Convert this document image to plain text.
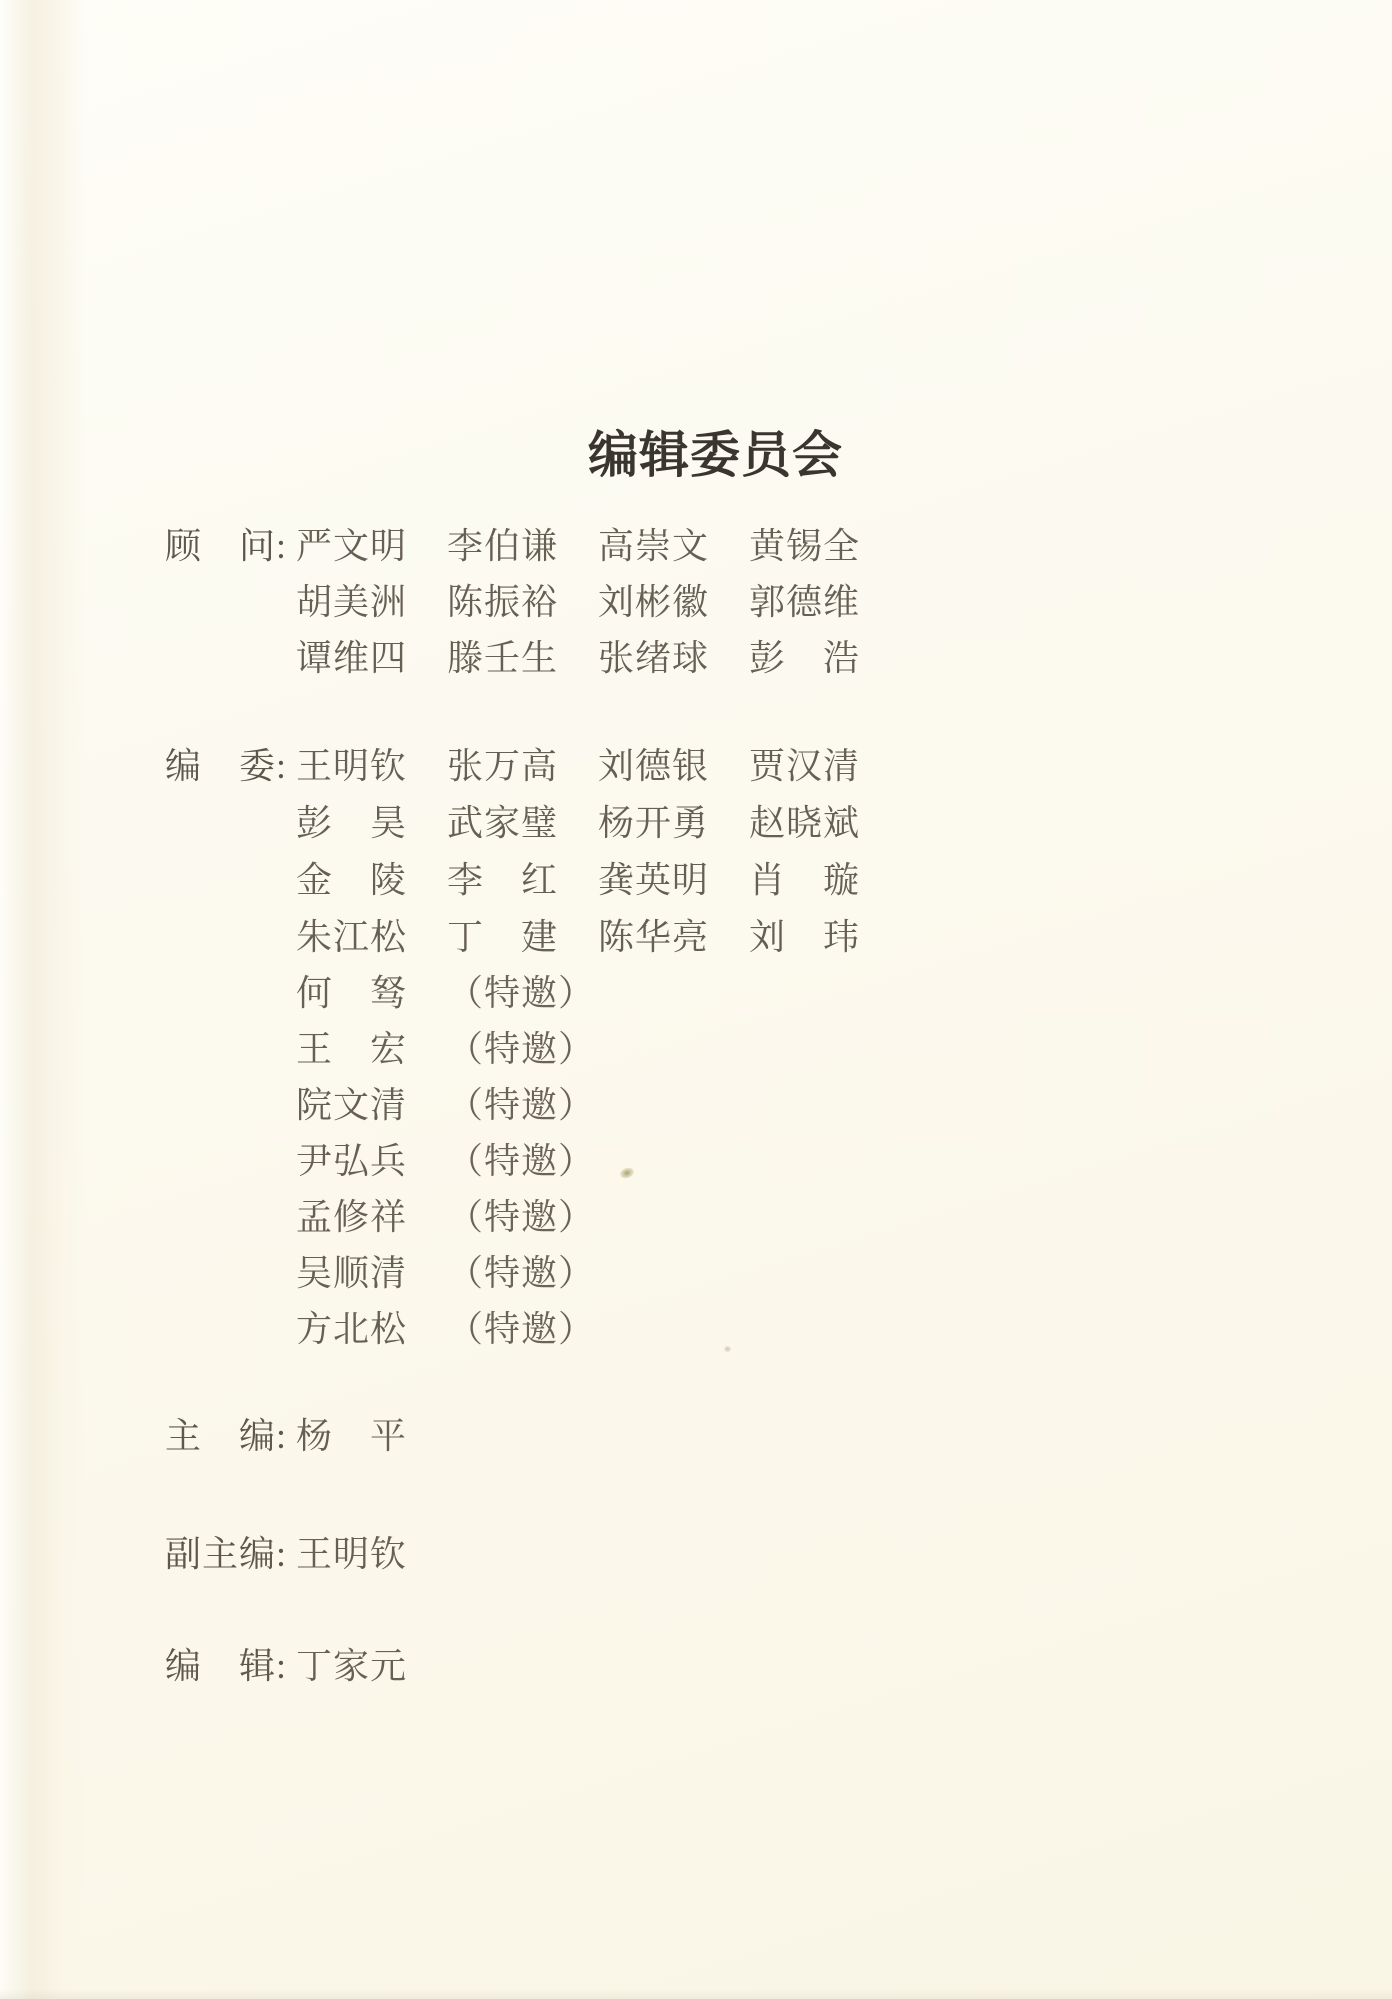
编辑委员会
顾　问: 严文明 李伯谦 高崇文 黄锡全
胡美洲 陈振裕 刘彬徽 郭德维
谭维四 滕壬生 张绪球 彭　浩
编　委: 王明钦 张万高 刘德银 贾汉清
彭　昊 武家璧 杨开勇 赵晓斌
金　陵 李　红 龚英明 肖　璇
朱江松 丁　建 陈华亮 刘　玮
何　驽 （特邀）
王　宏 （特邀）
院文清 （特邀）
尹弘兵 （特邀）
孟修祥 （特邀）
吴顺清 （特邀）
方北松 （特邀）
主　编: 杨　平
副主编: 王明钦
编　辑: 丁家元
